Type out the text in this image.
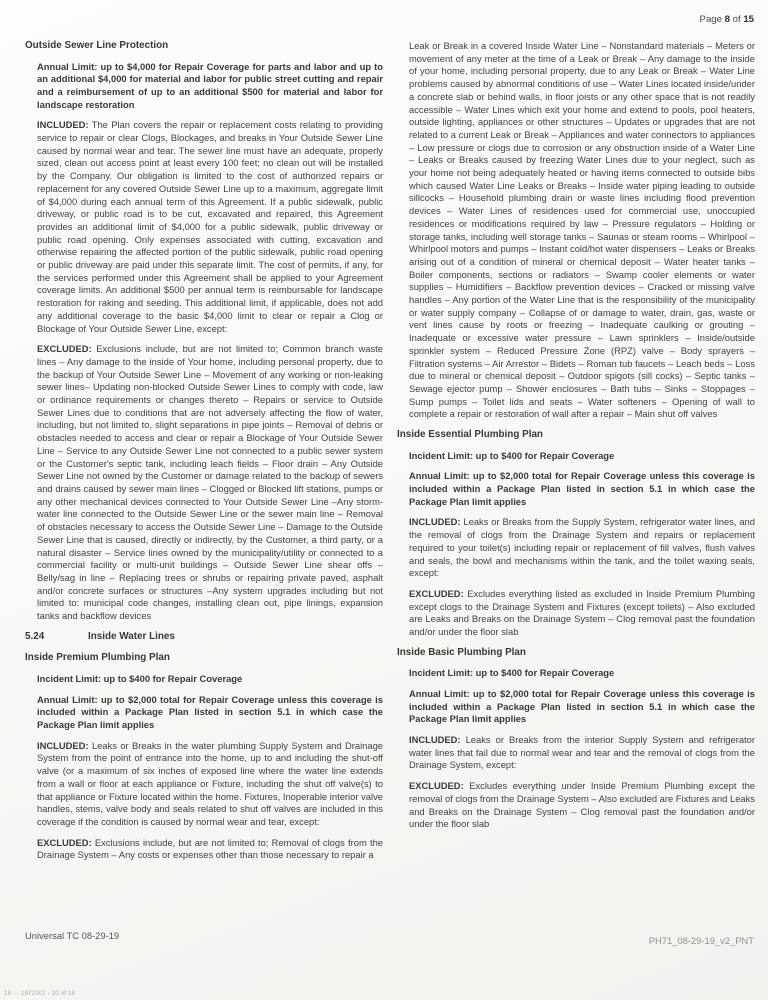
Page 8 of 15
Outside Sewer Line Protection

Annual Limit: up to $4,000 for Repair Coverage for parts and labor and up to an additional $4,000 for material and labor for public street cutting and repair and a reimbursement of up to an additional $500 for material and labor for landscape restoration

INCLUDED: The Plan covers the repair or replacement costs relating to providing service to repair or clear Clogs, Blockages, and breaks in Your Outside Sewer Line caused by normal wear and tear. The sewer line must have an adequate, properly sized, clean out access point at least every 100 feet; no clean out will be installed by the Company. Our obligation is limited to the cost of authorized repairs or replacement for any covered Outside Sewer Line up to a maximum, aggregate limit of $4,000 during each annual term of this Agreement. If a public sidewalk, public driveway, or public road is to be cut, excavated and repaired, this Agreement provides an additional limit of $4,000 for a public sidewalk, public driveway or public road opening. Only expenses associated with cutting, excavation and otherwise repairing the affected portion of the public sidewalk, public road opening or public driveway are paid under this separate limit. The cost of permits, if any, for the services performed under this Agreement shall be applied to your Agreement coverage limits. An additional $500 per annual term is reimbursable for landscape restoration for raking and seeding. This additional limit, if applicable, does not add any additional coverage to the basic $4,000 limit to clear or repair a Clog or Blockage of Your Outside Sewer Line, except:

EXCLUDED: Exclusions include, but are not limited to; Common branch waste lines – Any damage to the inside of Your home, including personal property, due to the backup of Your Outside Sewer Line – Movement of any working or non-leaking sewer lines– Updating non-blocked Outside Sewer Lines to comply with code, law or ordinance requirements or changes thereto – Repairs or service to Outside Sewer Lines due to conditions that are not adversely affecting the flow of water, including, but not limited to, slight separations in pipe joints – Removal of debris or obstacles needed to access and clear or repair a Blockage of Your Outside Sewer Line – Service to any Outside Sewer Line not connected to a public sewer system or the Customer's septic tank, including leach fields – Floor drain – Any Outside Sewer Line not owned by the Customer or damage related to the backup of sewers and drains caused by sewer main lines – Clogged or Blocked lift stations, pumps or any other mechanical devices connected to Your Outside Sewer Line –Any storm-water line connected to the Outside Sewer Line or the sewer main line – Removal of obstacles necessary to access the Outside Sewer Line – Damage to the Outside Sewer Line that is caused, directly or indirectly, by the Customer, a third party, or a natural disaster – Service lines owned by the municipality/utility or connected to a commercial facility or multi-unit buildings – Outside Sewer Line shear offs – Belly/sag in line – Replacing trees or shrubs or repairing private paved, asphalt and/or concrete surfaces or structures –Any system upgrades including but not limited to: municipal code changes, installing clean out, pipe linings, expansion tanks and backflow devices

5.24	Inside Water Lines
Inside Premium Plumbing Plan

Incident Limit: up to $400 for Repair Coverage

Annual Limit: up to $2,000 total for Repair Coverage unless this coverage is included within a Package Plan listed in section 5.1 in which case the Package Plan limit applies

INCLUDED: Leaks or Breaks in the water plumbing Supply System and Drainage System from the point of entrance into the home, up to and including the shut-off valve (or a maximum of six inches of exposed line where the water line extends from a wall or floor at each appliance or Fixture, including the shut off valve(s) to that appliance or Fixture located within the home. Fixtures, Inoperable interior valve handles, stems, valve body and seals related to shut off valves are included in this coverage if the condition is caused by normal wear and tear, except:

EXCLUDED: Exclusions include, but are not limited to; Removal of clogs from the Drainage System – Any costs or expenses other than those necessary to repair a

Leak or Break in a covered Inside Water Line – Nonstandard materials – Meters or movement of any meter at the time of a Leak or Break – Any damage to the inside of your home, including personal property, due to any Leak or Break – Water Line problems caused by abnormal conditions of use – Water Lines located inside/under a concrete slab or behind walls, in floor joists or any other space that is not readily accessible – Water Lines which exit your home and extend to pools, pool heaters, outside lighting, appliances or other structures – Updates or upgrades that are not related to a current Leak or Break – Appliances and water connectors to appliances – Low pressure or clogs due to corrosion or any obstruction inside of a Water Line – Leaks or Breaks caused by freezing Water Lines due to your neglect, such as your home not being adequately heated or having items connected to outside bibs which caused Water Line Leaks or Breaks – Inside water piping leading to outside sillcocks – Household plumbing drain or waste lines including flood prevention devices – Water Lines of residences used for commercial use, unoccupied residences or modifications required by law – Pressure regulators – Holding or storage tanks, including well storage tanks – Saunas or steam rooms – Whirlpool – Whirlpool motors and pumps – Instant cold/hot water dispensers – Leaks or Breaks arising out of a condition of mineral or chemical deposit – Water heater tanks – Boiler components, sections or radiators – Swamp cooler elements or water supplies – Humidifiers – Backflow prevention devices – Cracked or missing valve handles – Any portion of the Water Line that is the responsibility of the municipality or water supply company – Collapse of or damage to water, drain, gas, waste or vent lines cause by roots or freezing – Inadequate caulking or grouting – Inadequate or excessive water pressure – Lawn sprinklers – Inside/outside sprinkler system – Reduced Pressure Zone (RPZ) valve – Body sprayers – Filtration systems – Air Arrestor – Bidets – Roman tub faucets – Leach beds – Loss due to mineral or chemical deposit – Outdoor spigots (sill cocks) – Septic tanks – Sewage ejector pump – Shower enclosures – Bath tubs – Sinks – Stoppages – Sump pumps – Toilet lids and seats – Water softeners – Opening of wall to complete a repair or restoration of wall after a repair – Main shut off valves

Inside Essential Plumbing Plan

Incident Limit: up to $400 for Repair Coverage

Annual Limit: up to $2,000 total for Repair Coverage unless this coverage is included within a Package Plan listed in section 5.1 in which case the Package Plan limit applies

INCLUDED: Leaks or Breaks from the Supply System, refrigerator water lines, and the removal of clogs from the Drainage System and repairs or replacement required to your toilet(s) including repair or replacement of fill valves, flush valves and seals, the bowl and mechanisms within the tank, and the toilet waxing seals, except:

EXCLUDED: Excludes everything listed as excluded in Inside Premium Plumbing except clogs to the Drainage System and Fixtures (except toilets) – Also excluded are Leaks and Breaks on the Drainage System – Clog removal past the foundation and/or under the floor slab

Inside Basic Plumbing Plan

Incident Limit: up to $400 for Repair Coverage

Annual Limit: up to $2,000 total for Repair Coverage unless this coverage is included within a Package Plan listed in section 5.1 in which case the Package Plan limit applies

INCLUDED: Leaks or Breaks from the interior Supply System and refrigerator water lines that fail due to normal wear and tear and the removal of clogs from the Drainage System, except:

EXCLUDED: Excludes everything under Inside Premium Plumbing except the removal of clogs from the Drainage System – Also excluded are Fixtures and Leaks and Breaks on the Drainage System – Clog removal past the foundation and/or under the floor slab

Universal TC 08-29-19	PH71_08-29-19_v2_PNT
18 - - 1872001 - 10 of 18
